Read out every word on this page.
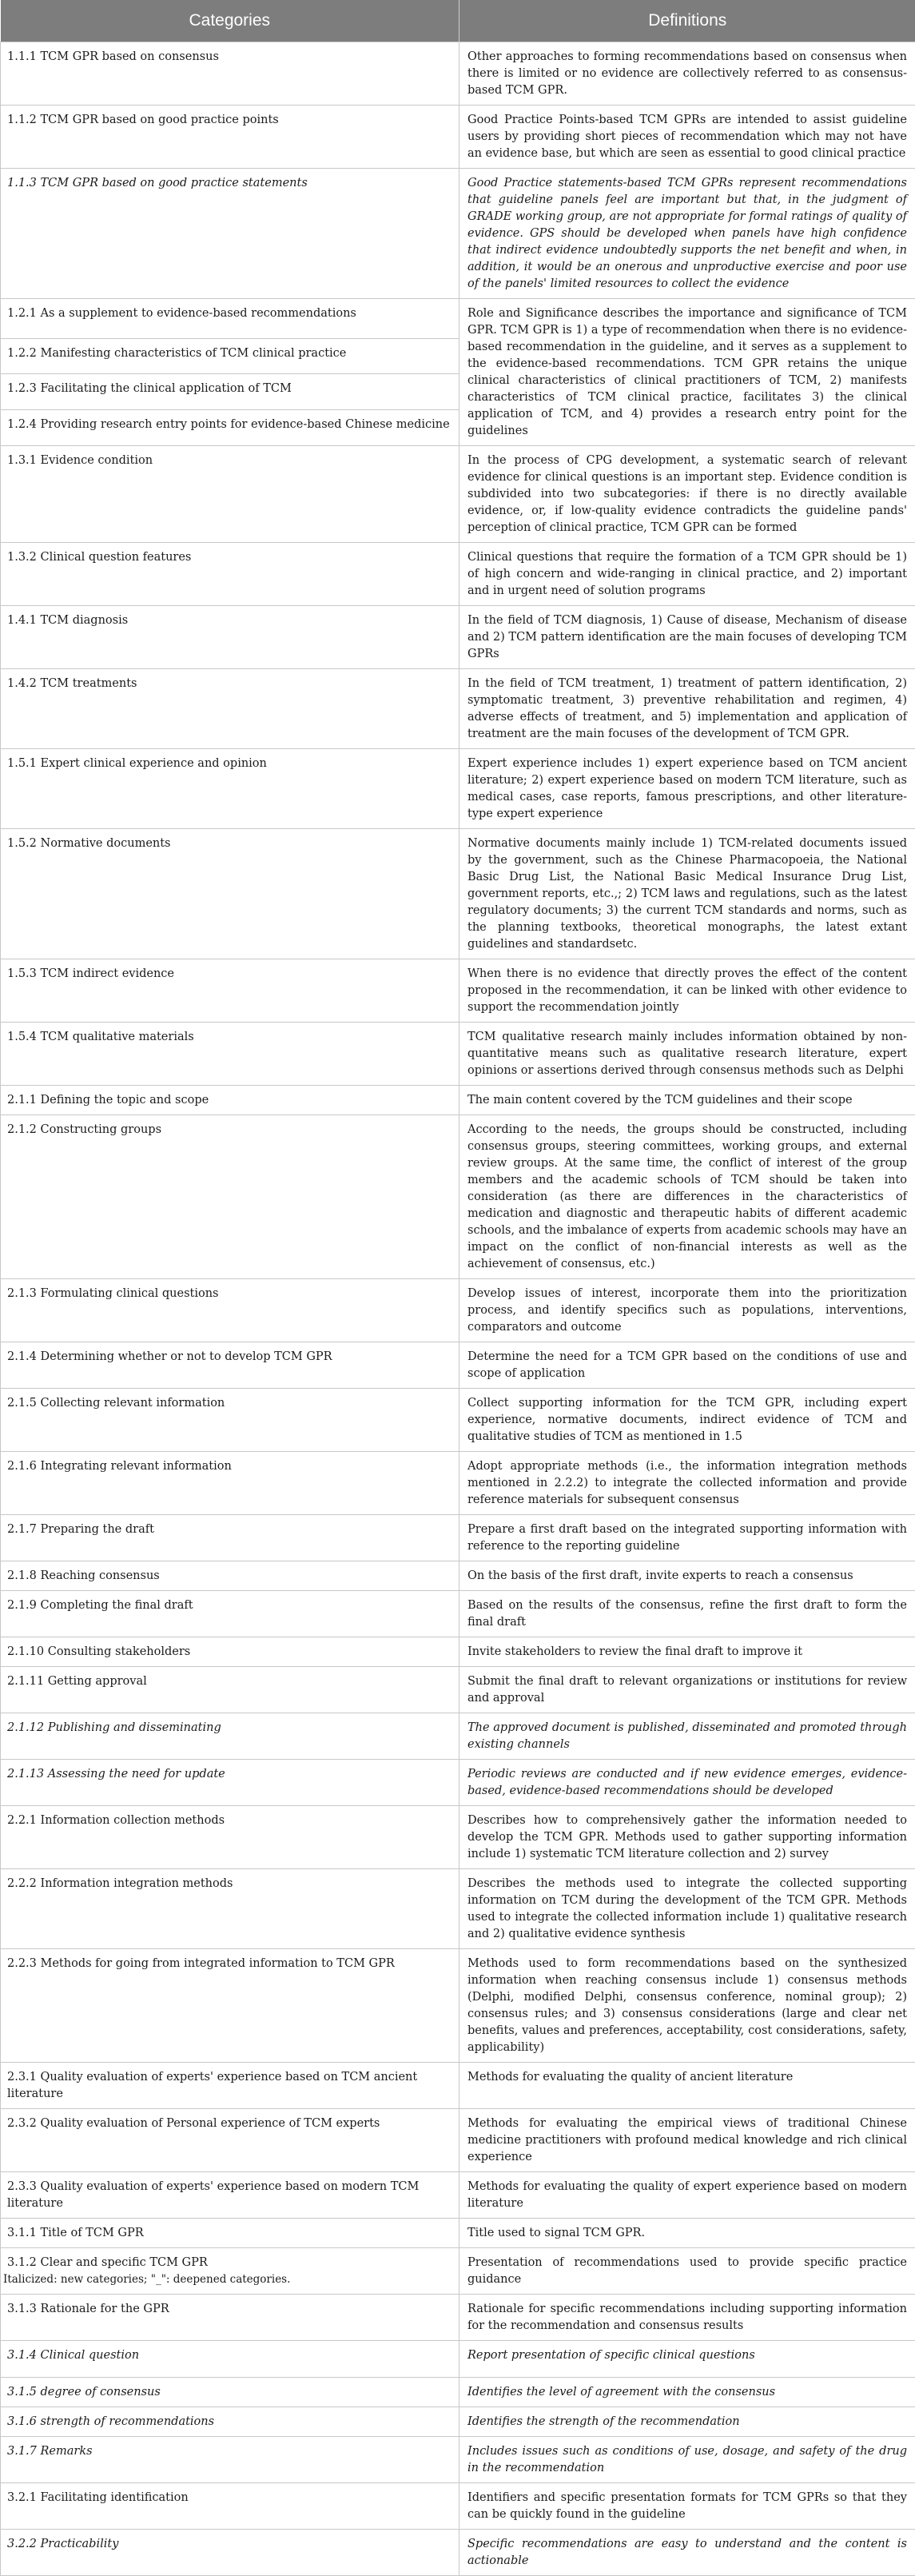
Categories	Definitions
1.1.1 TCM GPR based on consensus	Other approaches to forming recommendations based on consensus when there is limited or no evidence are collectively referred to as consensus-based TCM GPR.
1.1.2 TCM GPR based on good practice points	Good Practice Points-based TCM GPRs are intended to assist guideline users by providing short pieces of recommendation which may not have an evidence base, but which are seen as essential to good clinical practice
1.1.3 TCM GPR based on good practice statements	Good Practice statements-based TCM GPRs represent recommendations that guideline panels feel are important but that, in the judgment of GRADE working group, are not appropriate for formal ratings of quality of evidence. GPS should be developed when panels have high confidence that indirect evidence undoubtedly supports the net benefit and when, in addition, it would be an onerous and unproductive exercise and poor use of the panels' limited resources to collect the evidence
1.2.1 As a supplement to evidence-based recommendations	Role and Significance describes the importance and significance of TCM GPR. TCM GPR is 1) a type of recommendation when there is no evidence-based recommendation in the guideline, and it serves as a supplement to the evidence-based recommendations. TCM GPR retains the unique clinical characteristics of clinical practitioners of TCM, 2) manifests characteristics of TCM clinical practice, facilitates 3) the clinical application of TCM, and 4) provides a research entry point for the guidelines
1.2.2 Manifesting characteristics of TCM clinical practice	
1.2.3 Facilitating the clinical application of TCM	
1.2.4 Providing research entry points for evidence-based Chinese medicine	
1.3.1 Evidence condition	In the process of CPG development, a systematic search of relevant evidence for clinical questions is an important step. Evidence condition is subdivided into two subcategories: if there is no directly available evidence, or, if low-quality evidence contradicts the guideline pands' perception of clinical practice, TCM GPR can be formed
1.3.2 Clinical question features	Clinical questions that require the formation of a TCM GPR should be 1) of high concern and wide-ranging in clinical practice, and 2) important and in urgent need of solution programs
1.4.1 TCM diagnosis	In the field of TCM diagnosis, 1) Cause of disease, Mechanism of disease and 2) TCM pattern identification are the main focuses of developing TCM GPRs
1.4.2 TCM treatments	In the field of TCM treatment, 1) treatment of pattern identification, 2) symptomatic treatment, 3) preventive rehabilitation and regimen, 4) adverse effects of treatment, and 5) implementation and application of treatment are the main focuses of the development of TCM GPR.
1.5.1 Expert clinical experience and opinion	Expert experience includes 1) expert experience based on TCM ancient literature; 2) expert experience based on modern TCM literature, such as medical cases, case reports, famous prescriptions, and other literature-type expert experience
1.5.2 Normative documents	Normative documents mainly include 1) TCM-related documents issued by the government, such as the Chinese Pharmacopoeia, the National Basic Drug List, the National Basic Medical Insurance Drug List, government reports, etc.,; 2) TCM laws and regulations, such as the latest regulatory documents; 3) the current TCM standards and norms, such as the planning textbooks, theoretical monographs, the latest extant guidelines and standardsetc.
1.5.3 TCM indirect evidence	When there is no evidence that directly proves the effect of the content proposed in the recommendation, it can be linked with other evidence to support the recommendation jointly
1.5.4 TCM qualitative materials	TCM qualitative research mainly includes information obtained by non-quantitative means such as qualitative research literature, expert opinions or assertions derived through consensus methods such as Delphi
2.1.1 Defining the topic and scope	The main content covered by the TCM guidelines and their scope
2.1.2 Constructing groups	According to the needs, the groups should be constructed, including consensus groups, steering committees, working groups, and external review groups. At the same time, the conflict of interest of the group members and the academic schools of TCM should be taken into consideration (as there are differences in the characteristics of medication and diagnostic and therapeutic habits of different academic schools, and the imbalance of experts from academic schools may have an impact on the conflict of non-financial interests as well as the achievement of consensus, etc.)
2.1.3 Formulating clinical questions	Develop issues of interest, incorporate them into the prioritization process, and identify specifics such as populations, interventions, comparators and outcome
2.1.4 Determining whether or not to develop TCM GPR	Determine the need for a TCM GPR based on the conditions of use and scope of application
2.1.5 Collecting relevant information	Collect supporting information for the TCM GPR, including expert experience, normative documents, indirect evidence of TCM and qualitative studies of TCM as mentioned in 1.5
2.1.6 Integrating relevant information	Adopt appropriate methods (i.e., the information integration methods mentioned in 2.2.2) to integrate the collected information and provide reference materials for subsequent consensus
2.1.7 Preparing the draft	Prepare a first draft based on the integrated supporting information with reference to the reporting guideline
2.1.8 Reaching consensus	On the basis of the first draft, invite experts to reach a consensus
2.1.9 Completing the final draft	Based on the results of the consensus, refine the first draft to form the final draft
2.1.10 Consulting stakeholders	Invite stakeholders to review the final draft to improve it
2.1.11 Getting approval	Submit the final draft to relevant organizations or institutions for review and approval
2.1.12 Publishing and disseminating	The approved document is published, disseminated and promoted through existing channels
2.1.13 Assessing the need for update	Periodic reviews are conducted and if new evidence emerges, evidence-based, evidence-based recommendations should be developed
2.2.1 Information collection methods	Describes how to comprehensively gather the information needed to develop the TCM GPR. Methods used to gather supporting information include 1) systematic TCM literature collection and 2) survey
2.2.2 Information integration methods	Describes the methods used to integrate the collected supporting information on TCM during the development of the TCM GPR. Methods used to integrate the collected information include 1) qualitative research and 2) qualitative evidence synthesis
2.2.3 Methods for going from integrated information to TCM GPR	Methods used to form recommendations based on the synthesized information when reaching consensus include 1) consensus methods (Delphi, modified Delphi, consensus conference, nominal group); 2) consensus rules; and 3) consensus considerations (large and clear net benefits, values and preferences, acceptability, cost considerations, safety, applicability)
2.3.1 Quality evaluation of experts' experience based on TCM ancient literature	Methods for evaluating the quality of ancient literature
2.3.2 Quality evaluation of Personal experience of TCM experts	Methods for evaluating the empirical views of traditional Chinese medicine practitioners with profound medical knowledge and rich clinical experience
2.3.3 Quality evaluation of experts' experience based on modern TCM literature	Methods for evaluating the quality of expert experience based on modern literature
3.1.1 Title of TCM GPR	Title used to signal TCM GPR.
3.1.2 Clear and specific TCM GPR	Presentation of recommendations used to provide specific practice guidance
3.1.3 Rationale for the GPR	Rationale for specific recommendations including supporting information for the recommendation and consensus results
3.1.4 Clinical question	Report presentation of specific clinical questions
3.1.5 degree of consensus	Identifies the level of agreement with the consensus
3.1.6 strength of recommendations	Identifies the strength of the recommendation
3.1.7 Remarks	Includes issues such as conditions of use, dosage, and safety of the drug in the recommendation
3.2.1 Facilitating identification	Identifiers and specific presentation formats for TCM GPRs so that they can be quickly found in the guideline
3.2.2 Practicability	Specific recommendations are easy to understand and the content is actionable
Italicized: new categories; "_": deepened categories.
